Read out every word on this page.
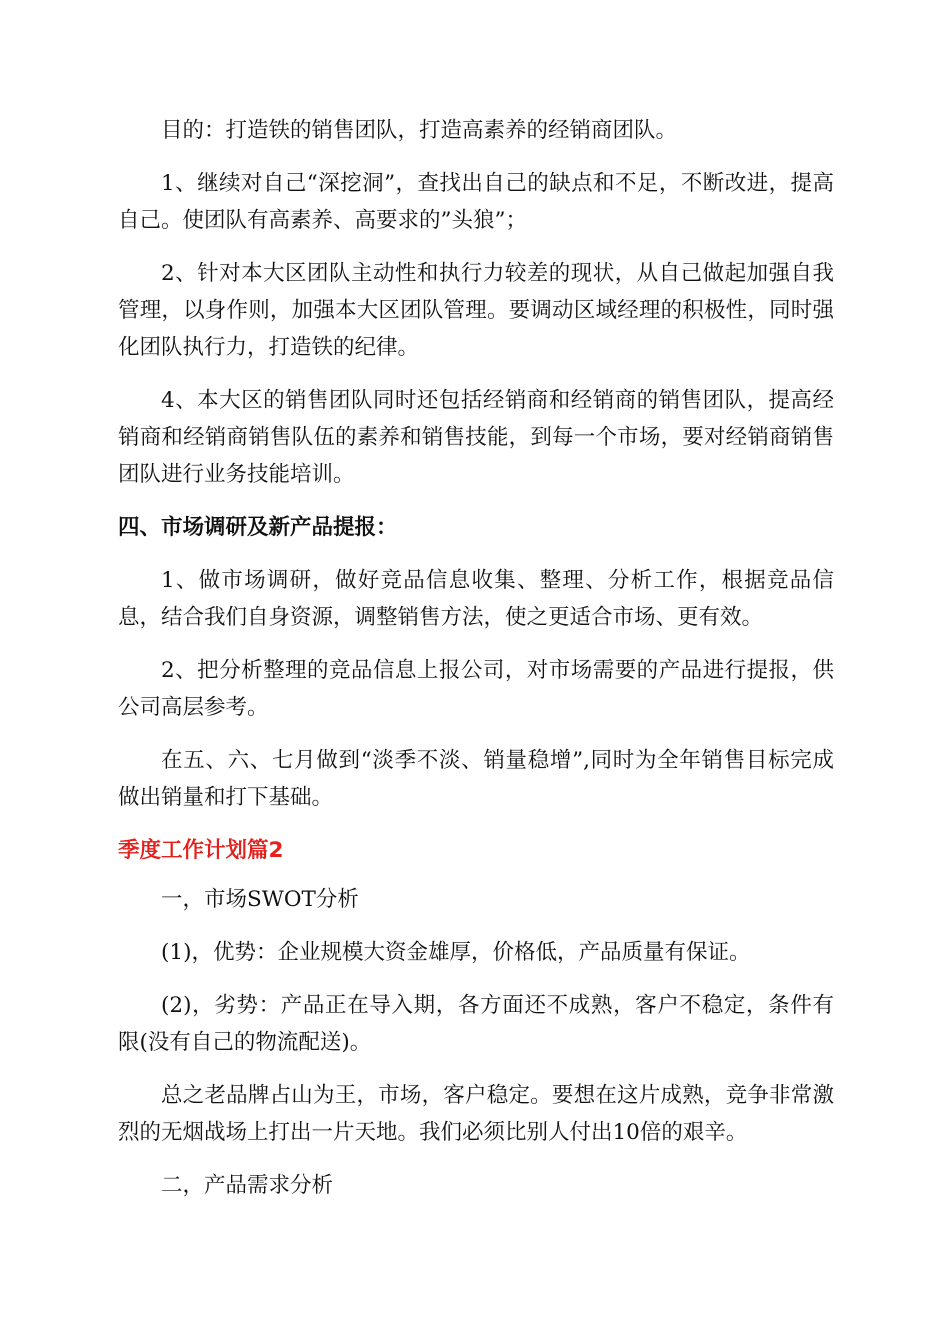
目的：打造铁的销售团队，打造高素养的经销商团队。

1、继续对自己“深挖洞”，查找出自己的缺点和不足，不断改进，提高自己。使团队有高素养、高要求的”头狼”；

2、针对本大区团队主动性和执行力较差的现状，从自己做起加强自我管理，以身作则，加强本大区团队管理。要调动区域经理的积极性，同时强化团队执行力，打造铁的纪律。

4、本大区的销售团队同时还包括经销商和经销商的销售团队，提高经销商和经销商销售队伍的素养和销售技能，到每一个市场，要对经销商销售团队进行业务技能培训。

四、市场调研及新产品提报：

1、做市场调研，做好竞品信息收集、整理、分析工作，根据竞品信息，结合我们自身资源，调整销售方法，使之更适合市场、更有效。

2、把分析整理的竞品信息上报公司，对市场需要的产品进行提报，供公司高层参考。

在五、六、七月做到“淡季不淡、销量稳增”,同时为全年销售目标完成做出销量和打下基础。

季度工作计划篇2

一，市场SWOT分析

(1)，优势：企业规模大资金雄厚，价格低，产品质量有保证。

(2)，劣势：产品正在导入期，各方面还不成熟，客户不稳定，条件有限(没有自己的物流配送)。

总之老品牌占山为王，市场，客户稳定。要想在这片成熟，竞争非常激烈的无烟战场上打出一片天地。我们必须比别人付出10倍的艰辛。

二，产品需求分析
